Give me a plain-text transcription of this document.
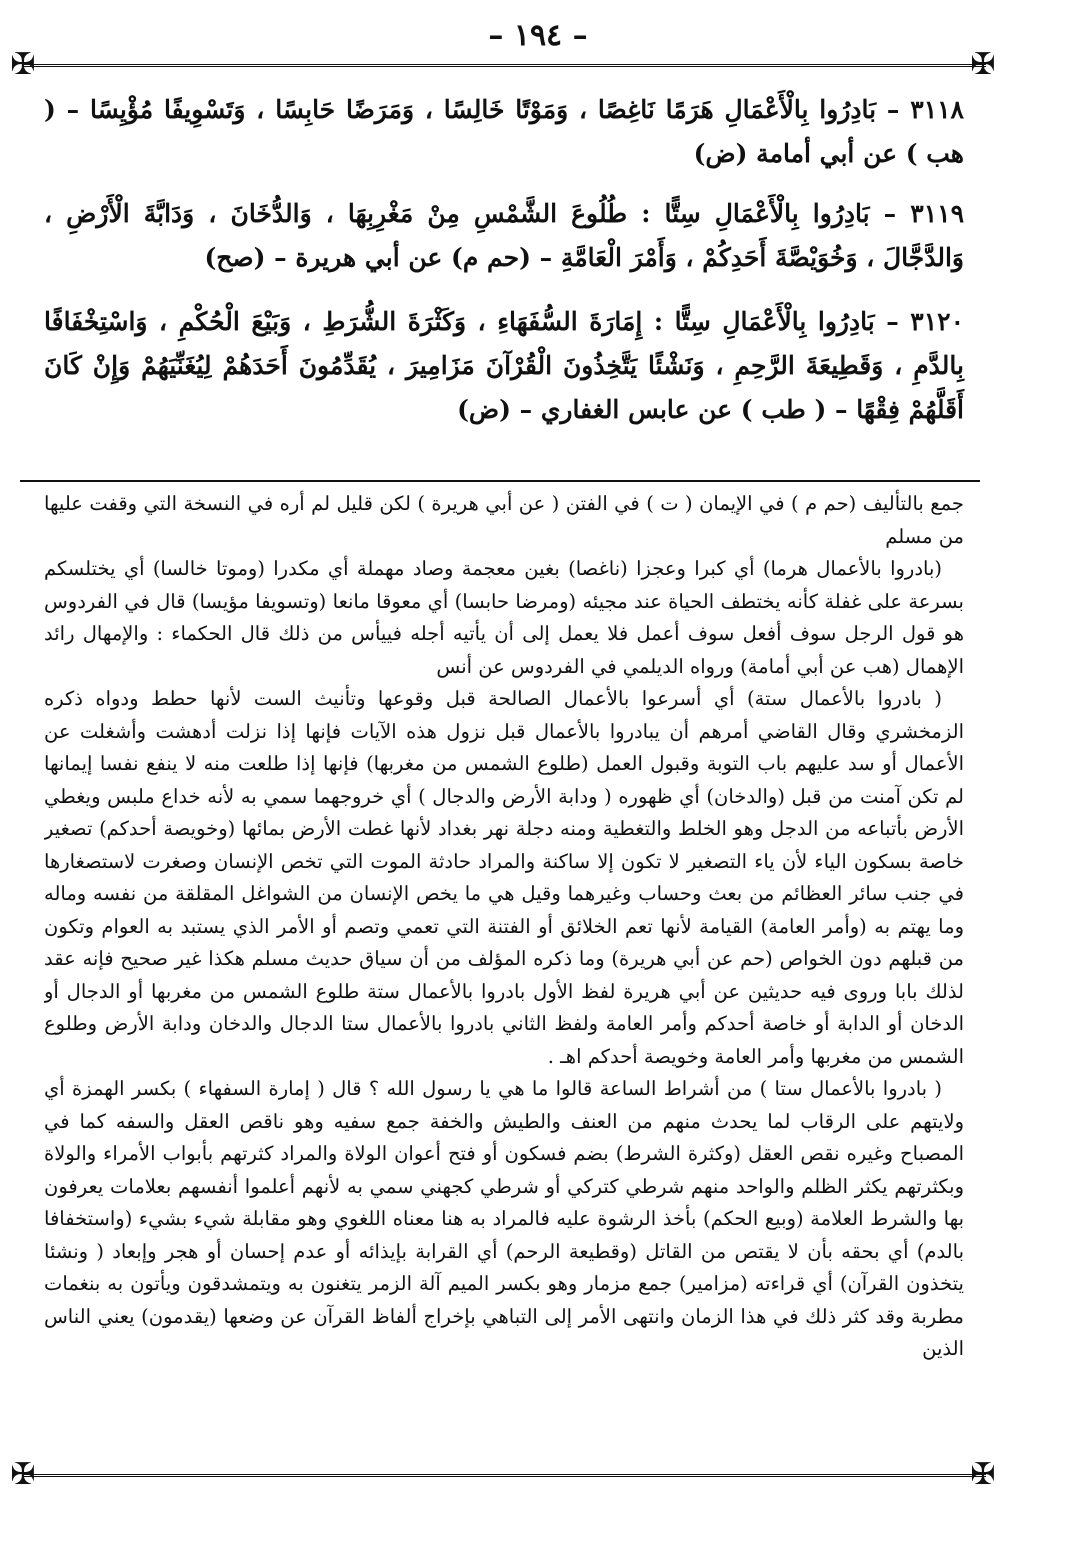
– ١٩٤ –
✠	✠
٣١١٨ – بَادِرُوا بِالْأَعْمَالِ هَرَمًا نَاغِصًا ، وَمَوْتًا خَالِسًا ، وَمَرَضًا حَابِسًا ، وَتَسْوِيفًا مُؤْيِسًا – ( هب ) عن أبي أمامة (ض)
٣١١٩ – بَادِرُوا بِالْأَعْمَالِ سِتًّا : طُلُوعَ الشَّمْسِ مِنْ مَغْرِبِهَا ، وَالدُّخَانَ ، وَدَابَّةَ الْأَرْضِ ، وَالدَّجَّالَ ، وَخُوَيْصَّةَ أَحَدِكُمْ ، وَأَمْرَ الْعَامَّةِ – (حم م) عن أبي هريرة – (صح)
٣١٢٠ – بَادِرُوا بِالْأَعْمَالِ سِتًّا : إِمَارَةَ السُّفَهَاءِ ، وَكَثْرَةَ الشُّرَطِ ، وَبَيْعَ الْحُكْمِ ، وَاسْتِخْفَافًا بِالدَّمِ ، وَقَطِيعَةَ الرَّحِمِ ، وَنَشْئًا يَتَّخِذُونَ الْقُرْآنَ مَزَامِيرَ ، يُقَدِّمُونَ أَحَدَهُمْ لِيُغَنِّيَهُمْ وَإِنْ كَانَ أَقَلَّهُمْ فِقْهًا – ( طب ) عن عابس الغفاري – (ض)

جمع بالتأليف (حم م ) في الإيمان ( ت ) في الفتن ( عن أبي هريرة ) لكن قليل لم أره في النسخة التي وقفت عليها من مسلم

(بادروا بالأعمال هرما) أي كبرا وعجزا (ناغصا) بغين معجمة وصاد مهملة أي مكدرا (وموتا خالسا) أي يختلسكم بسرعة على غفلة كأنه يختطف الحياة عند مجيئه (ومرضا حابسا) أي معوقا مانعا (وتسويفا مؤيسا) قال في الفردوس هو قول الرجل سوف أفعل سوف أعمل فلا يعمل إلى أن يأتيه أجله فييأس من ذلك قال الحكماء : والإمهال رائد الإهمال (هب عن أبي أمامة) ورواه الديلمي في الفردوس عن أنس

( بادروا بالأعمال ستة) أي أسرعوا بالأعمال الصالحة قبل وقوعها وتأنيث الست لأنها حطط ودواه ذكره الزمخشري وقال القاضي أمرهم أن يبادروا بالأعمال قبل نزول هذه الآيات فإنها إذا نزلت أدهشت وأشغلت عن الأعمال أو سد عليهم باب التوبة وقبول العمل (طلوع الشمس من مغربها) فإنها إذا طلعت منه لا ينفع نفسا إيمانها لم تكن آمنت من قبل (والدخان) أي ظهوره ( ودابة الأرض والدجال ) أي خروجهما سمي به لأنه خداع ملبس ويغطي الأرض بأتباعه من الدجل وهو الخلط والتغطية ومنه دجلة نهر بغداد لأنها غطت الأرض بمائها (وخويصة أحدكم) تصغير خاصة بسكون الياء لأن ياء التصغير لا تكون إلا ساكنة والمراد حادثة الموت التي تخص الإنسان وصغرت لاستصغارها في جنب سائر العظائم من بعث وحساب وغيرهما وقيل هي ما يخص الإنسان من الشواغل المقلقة من نفسه وماله وما يهتم به (وأمر العامة) القيامة لأنها تعم الخلائق أو الفتنة التي تعمي وتصم أو الأمر الذي يستبد به العوام وتكون من قبلهم دون الخواص (حم عن أبي هريرة) وما ذكره المؤلف من أن سياق حديث مسلم هكذا غير صحيح فإنه عقد لذلك بابا وروى فيه حديثين عن أبي هريرة لفظ الأول بادروا بالأعمال ستة طلوع الشمس من مغربها أو الدجال أو الدخان أو الدابة أو خاصة أحدكم وأمر العامة ولفظ الثاني بادروا بالأعمال ستا الدجال والدخان ودابة الأرض وطلوع الشمس من مغربها وأمر العامة وخويصة أحدكم اهـ .

( بادروا بالأعمال ستا ) من أشراط الساعة قالوا ما هي يا رسول الله ؟ قال ( إمارة السفهاء ) بكسر الهمزة أي ولايتهم على الرقاب لما يحدث منهم من العنف والطيش والخفة جمع سفيه وهو ناقص العقل والسفه كما في المصباح وغيره نقص العقل (وكثرة الشرط) بضم فسكون أو فتح أعوان الولاة والمراد كثرتهم بأبواب الأمراء والولاة وبكثرتهم يكثر الظلم والواحد منهم شرطي كتركي أو شرطي كجهني سمي به لأنهم أعلموا أنفسهم بعلامات يعرفون بها والشرط العلامة (وبيع الحكم) بأخذ الرشوة عليه فالمراد به هنا معناه اللغوي وهو مقابلة شيء بشيء (واستخفافا بالدم) أي بحقه بأن لا يقتص من القاتل (وقطيعة الرحم) أي القرابة بإيذائه أو عدم إحسان أو هجر وإبعاد ( ونشئا يتخذون القرآن) أي قراءته (مزامير) جمع مزمار وهو بكسر الميم آلة الزمر يتغنون به ويتمشدقون ويأتون به بنغمات مطربة وقد كثر ذلك في هذا الزمان وانتهى الأمر إلى التباهي بإخراج ألفاظ القرآن عن وضعها (يقدمون) يعني الناس الذين

✠	✠
